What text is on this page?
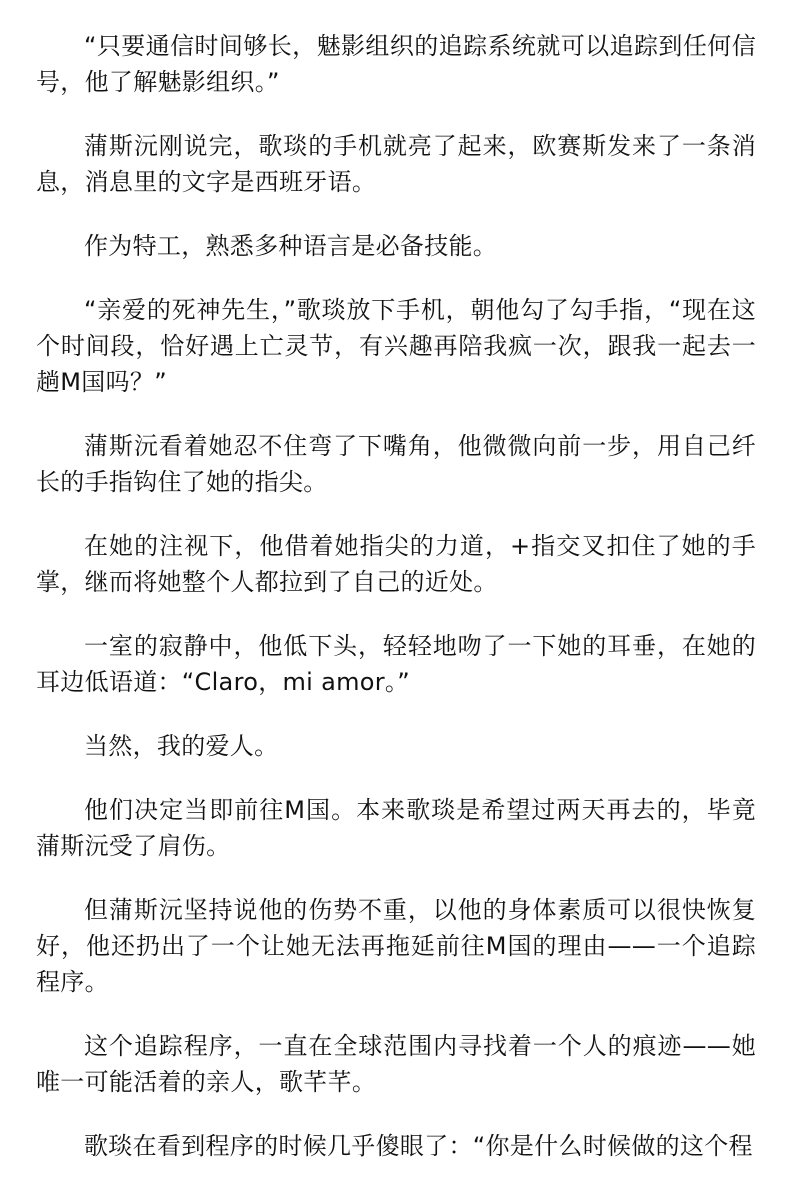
“只要通信时间够长，魅影组织的追踪系统就可以追踪到任何信号，他了解魅影组织。”

蒲斯沅刚说完，歌琰的手机就亮了起来，欧赛斯发来了一条消息，消息里的文字是西班牙语。

作为特工，熟悉多种语言是必备技能。

“亲爱的死神先生，”歌琰放下手机，朝他勾了勾手指，“现在这个时间段，恰好遇上亡灵节，有兴趣再陪我疯一次，跟我一起去一趟M国吗？”

蒲斯沅看着她忍不住弯了下嘴角，他微微向前一步，用自己纤长的手指钩住了她的指尖。

在她的注视下，他借着她指尖的力道，+指交叉扣住了她的手掌，继而将她整个人都拉到了自己的近处。

一室的寂静中，他低下头，轻轻地吻了一下她的耳垂，在她的耳边低语道：“Claro，mi amor。”

当然，我的爱人。

他们决定当即前往M国。本来歌琰是希望过两天再去的，毕竟蒲斯沅受了肩伤。

但蒲斯沅坚持说他的伤势不重，以他的身体素质可以很快恢复好，他还扔出了一个让她无法再拖延前往M国的理由——一个追踪程序。

这个追踪程序，一直在全球范围内寻找着一个人的痕迹——她唯一可能活着的亲人，歌芊芊。

歌琰在看到程序的时候几乎傻眼了：“你是什么时候做的这个程
